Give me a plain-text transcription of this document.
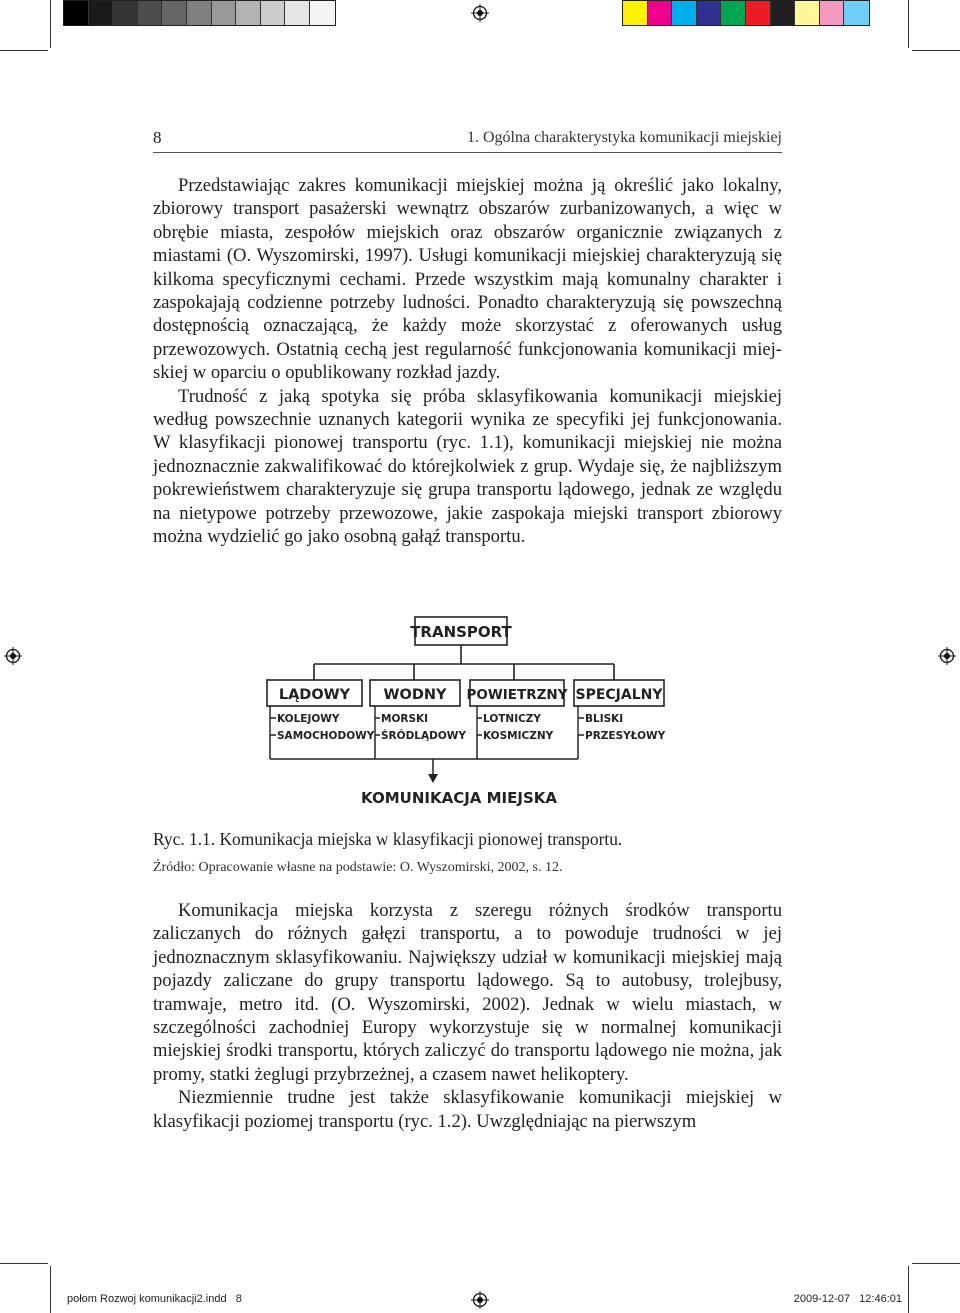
8	1. Ogólna charakterystyka komunikacji miejskiej

Przedstawiając zakres komunikacji miejskiej można ją określić jako lokalny, zbiorowy transport pasażerski wewnątrz obszarów zurbanizowanych, a więc w obrębie miasta, zespołów miejskich oraz obszarów organicznie związanych z miastami (O. Wyszomirski, 1997). Usługi komunikacji miejskiej charakteryzują się kilkoma specyficznymi cechami. Przede wszystkim mają komunalny charakter i zaspokajają codzienne potrzeby ludności. Ponadto charakteryzują się powszechną dostępnością oznaczającą, że każdy może skorzystać z oferowanych usług przewozowych. Ostatnią cechą jest regularność funkcjonowania komunikacji miejskiej w oparciu o opublikowany rozkład jazdy.

Trudność z jaką spotyka się próba sklasyfikowania komunikacji miejskiej według powszechnie uznanych kategorii wynika ze specyfiki jej funkcjonowania. W klasyfikacji pionowej transportu (ryc. 1.1), komunikacji miejskiej nie można jednoznacznie zakwalifikować do którejkolwiek z grup. Wydaje się, że najbliższym pokrewieństwem charakteryzuje się grupa transportu lądowego, jednak ze względu na nietypowe potrzeby przewozowe, jakie zaspokaja miejski transport zbiorowy można wydzielić go jako osobną gałąź transportu.

TRANSPORT
LĄDOWY
KOLEJOWY
SAMOCHODOWY
WODNY
MORSKI
ŚRÓDLĄDOWY
POWIETRZNY
LOTNICZY
KOSMICZNY
SPECJALNY
BLISKI
PRZESYŁOWY
KOMUNIKACJA MIEJSKA
Ryc. 1.1. Komunikacja miejska w klasyfikacji pionowej transportu.
Źródło: Opracowanie własne na podstawie: O. Wyszomirski, 2002, s. 12.

Komunikacja miejska korzysta z szeregu różnych środków transportu zaliczanych do różnych gałęzi transportu, a to powoduje trudności w jej jednoznacznym sklasyfikowaniu. Największy udział w komunikacji miejskiej mają pojazdy zaliczane do grupy transportu lądowego. Są to autobusy, trolejbusy, tramwaje, metro itd. (O. Wyszomirski, 2002). Jednak w wielu miastach, w szczególności zachodniej Europy wykorzystuje się w normalnej komunikacji miejskiej środki transportu, których zaliczyć do transportu lądowego nie można, jak promy, statki żeglugi przybrzeżnej, a czasem nawet helikoptery.

Niezmiennie trudne jest także sklasyfikowanie komunikacji miejskiej w klasyfikacji poziomej transportu (ryc. 1.2). Uwzględniając na pierwszym

połom Rozwoj komunikacji2.indd   8	2009-12-07   12:46:01
